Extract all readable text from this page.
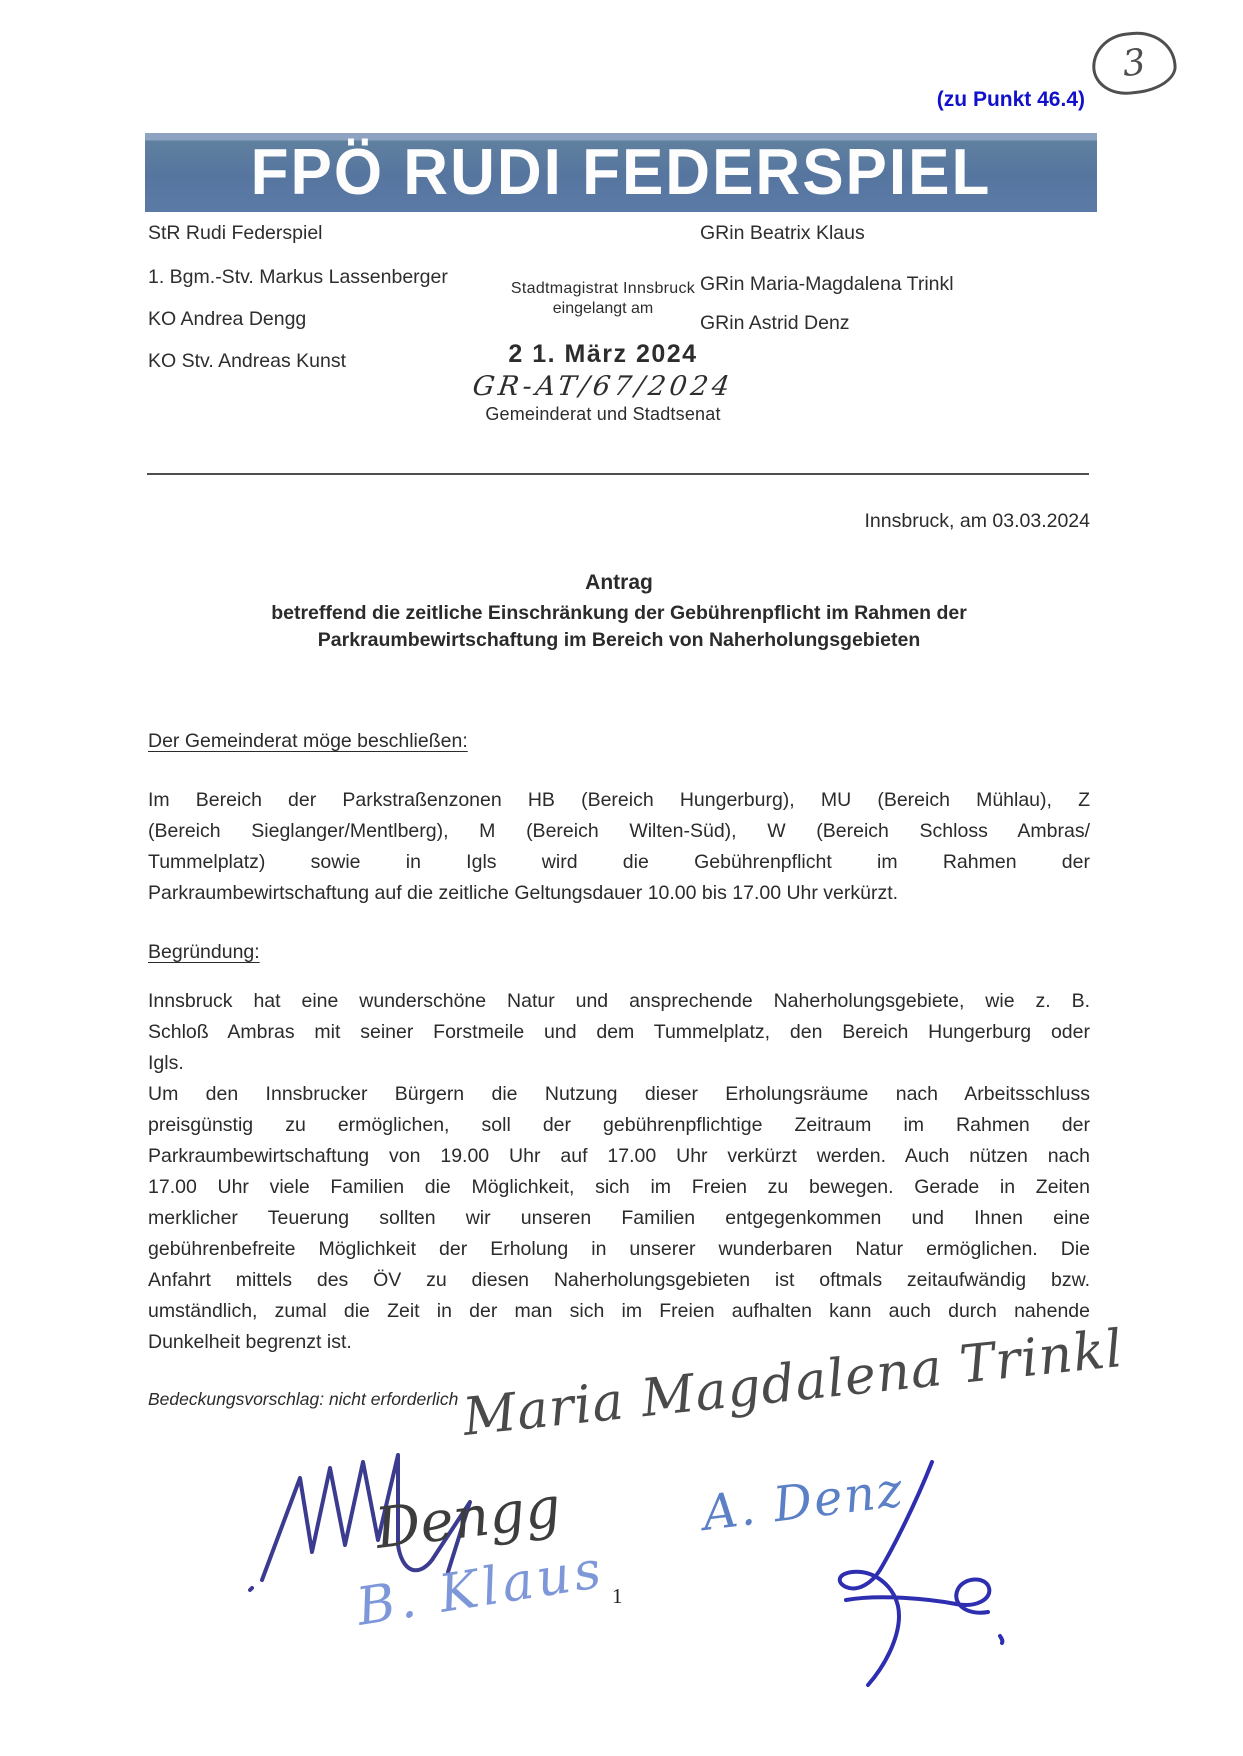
3
(zu Punkt 46.4)
FPÖ RUDI FEDERSPIEL
StR Rudi Federspiel
1. Bgm.-Stv. Markus Lassenberger
KO Andrea Dengg
KO Stv. Andreas Kunst
GRin Beatrix Klaus
GRin Maria-Magdalena Trinkl
GRin Astrid Denz
Stadtmagistrat Innsbruck
eingelangt am
2 1. März 2024
GR-AT/67/2024
Gemeinderat und Stadtsenat
Innsbruck, am 03.03.2024

Antrag

betreffend die zeitliche Einschränkung der Gebührenpflicht im Rahmen der
Parkraumbewirtschaftung im Bereich von Naherholungsgebieten

Der Gemeinderat möge beschließen:
Im Bereich der Parkstraßenzonen HB (Bereich Hungerburg), MU (Bereich Mühlau), Z
(Bereich Sieglanger/Mentlberg), M (Bereich Wilten-Süd), W (Bereich Schloss Ambras/
Tummelplatz) sowie in Igls wird die Gebührenpflicht im Rahmen der
Parkraumbewirtschaftung auf die zeitliche Geltungsdauer 10.00 bis 17.00 Uhr verkürzt.
Begründung:
Innsbruck hat eine wunderschöne Natur und ansprechende Naherholungsgebiete, wie z. B.
Schloß Ambras mit seiner Forstmeile und dem Tummelplatz, den Bereich Hungerburg oder
Igls.
Um den Innsbrucker Bürgern die Nutzung dieser Erholungsräume nach Arbeitsschluss
preisgünstig zu ermöglichen, soll der gebührenpflichtige Zeitraum im Rahmen der
Parkraumbewirtschaftung von 19.00 Uhr auf 17.00 Uhr verkürzt werden. Auch nützen nach
17.00 Uhr viele Familien die Möglichkeit, sich im Freien zu bewegen. Gerade in Zeiten
merklicher Teuerung sollten wir unseren Familien entgegenkommen und Ihnen eine
gebührenbefreite Möglichkeit der Erholung in unserer wunderbaren Natur ermöglichen. Die
Anfahrt mittels des ÖV zu diesen Naherholungsgebieten ist oftmals zeitaufwändig bzw.
umständlich, zumal die Zeit in der man sich im Freien aufhalten kann auch durch nahende
Dunkelheit begrenzt ist.
Bedeckungsvorschlag: nicht erforderlich
1
Maria Magdalena Trinkl
Dengg
B. Klaus
A. Denz
